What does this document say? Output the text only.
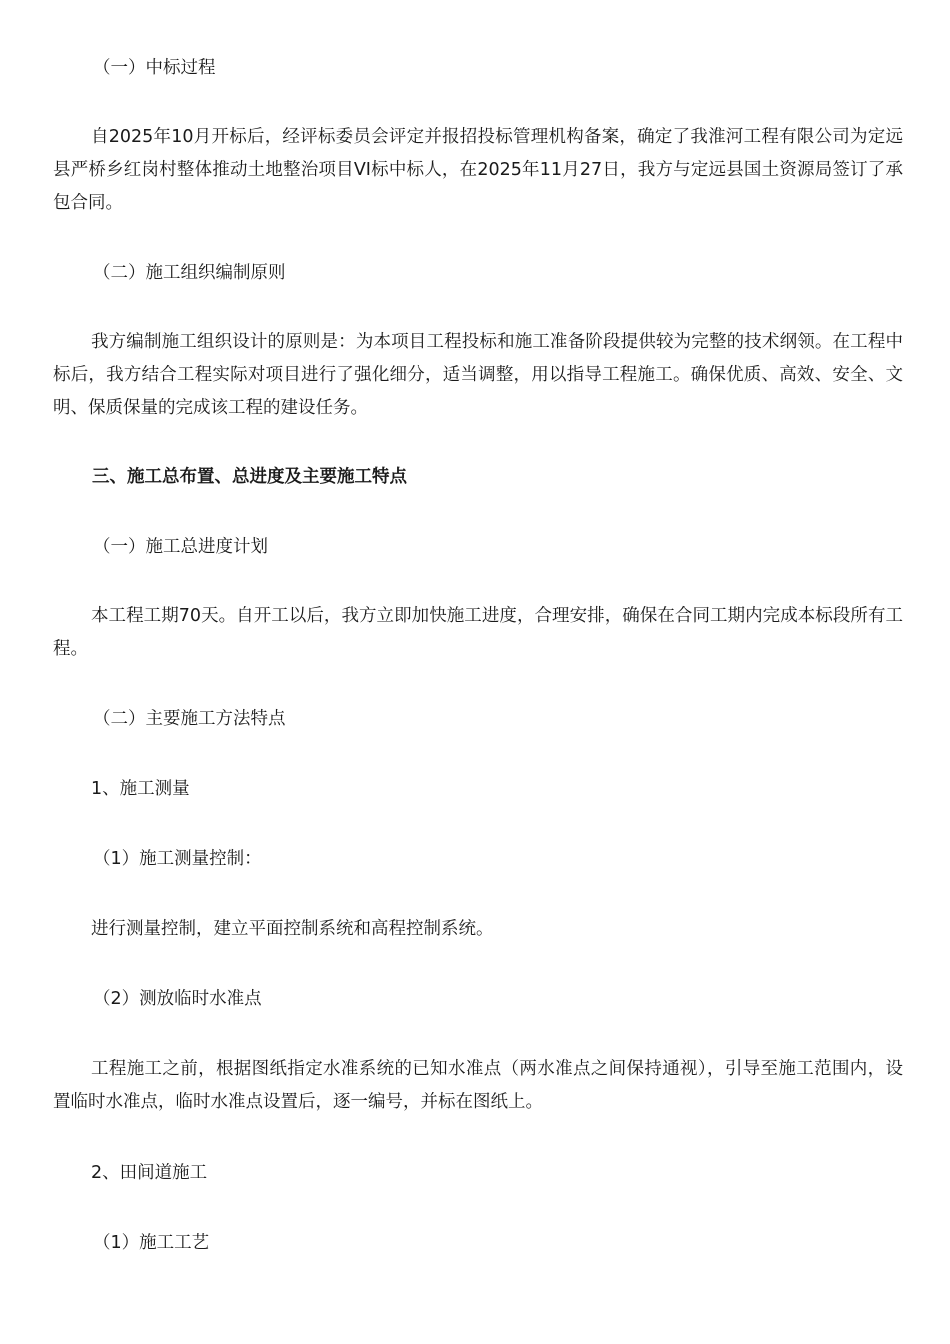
（一）中标过程
自2025年10月开标后，经评标委员会评定并报招投标管理机构备案，确定了我淮河工程有限公司为定远县严桥乡红岗村整体推动土地整治项目VI标中标人，在2025年11月27日，我方与定远县国土资源局签订了承包合同。
（二）施工组织编制原则
我方编制施工组织设计的原则是：为本项目工程投标和施工准备阶段提供较为完整的技术纲领。在工程中标后，我方结合工程实际对项目进行了强化细分，适当调整，用以指导工程施工。确保优质、高效、安全、文明、保质保量的完成该工程的建设任务。
三、施工总布置、总进度及主要施工特点
（一）施工总进度计划
本工程工期70天。自开工以后，我方立即加快施工进度，合理安排，确保在合同工期内完成本标段所有工程。
（二）主要施工方法特点
1、施工测量
（1）施工测量控制：
进行测量控制，建立平面控制系统和高程控制系统。
（2）测放临时水准点
工程施工之前，根据图纸指定水准系统的已知水准点（两水准点之间保持通视），引导至施工范围内，设置临时水准点，临时水准点设置后，逐一编号，并标在图纸上。
2、田间道施工
（1）施工工艺
